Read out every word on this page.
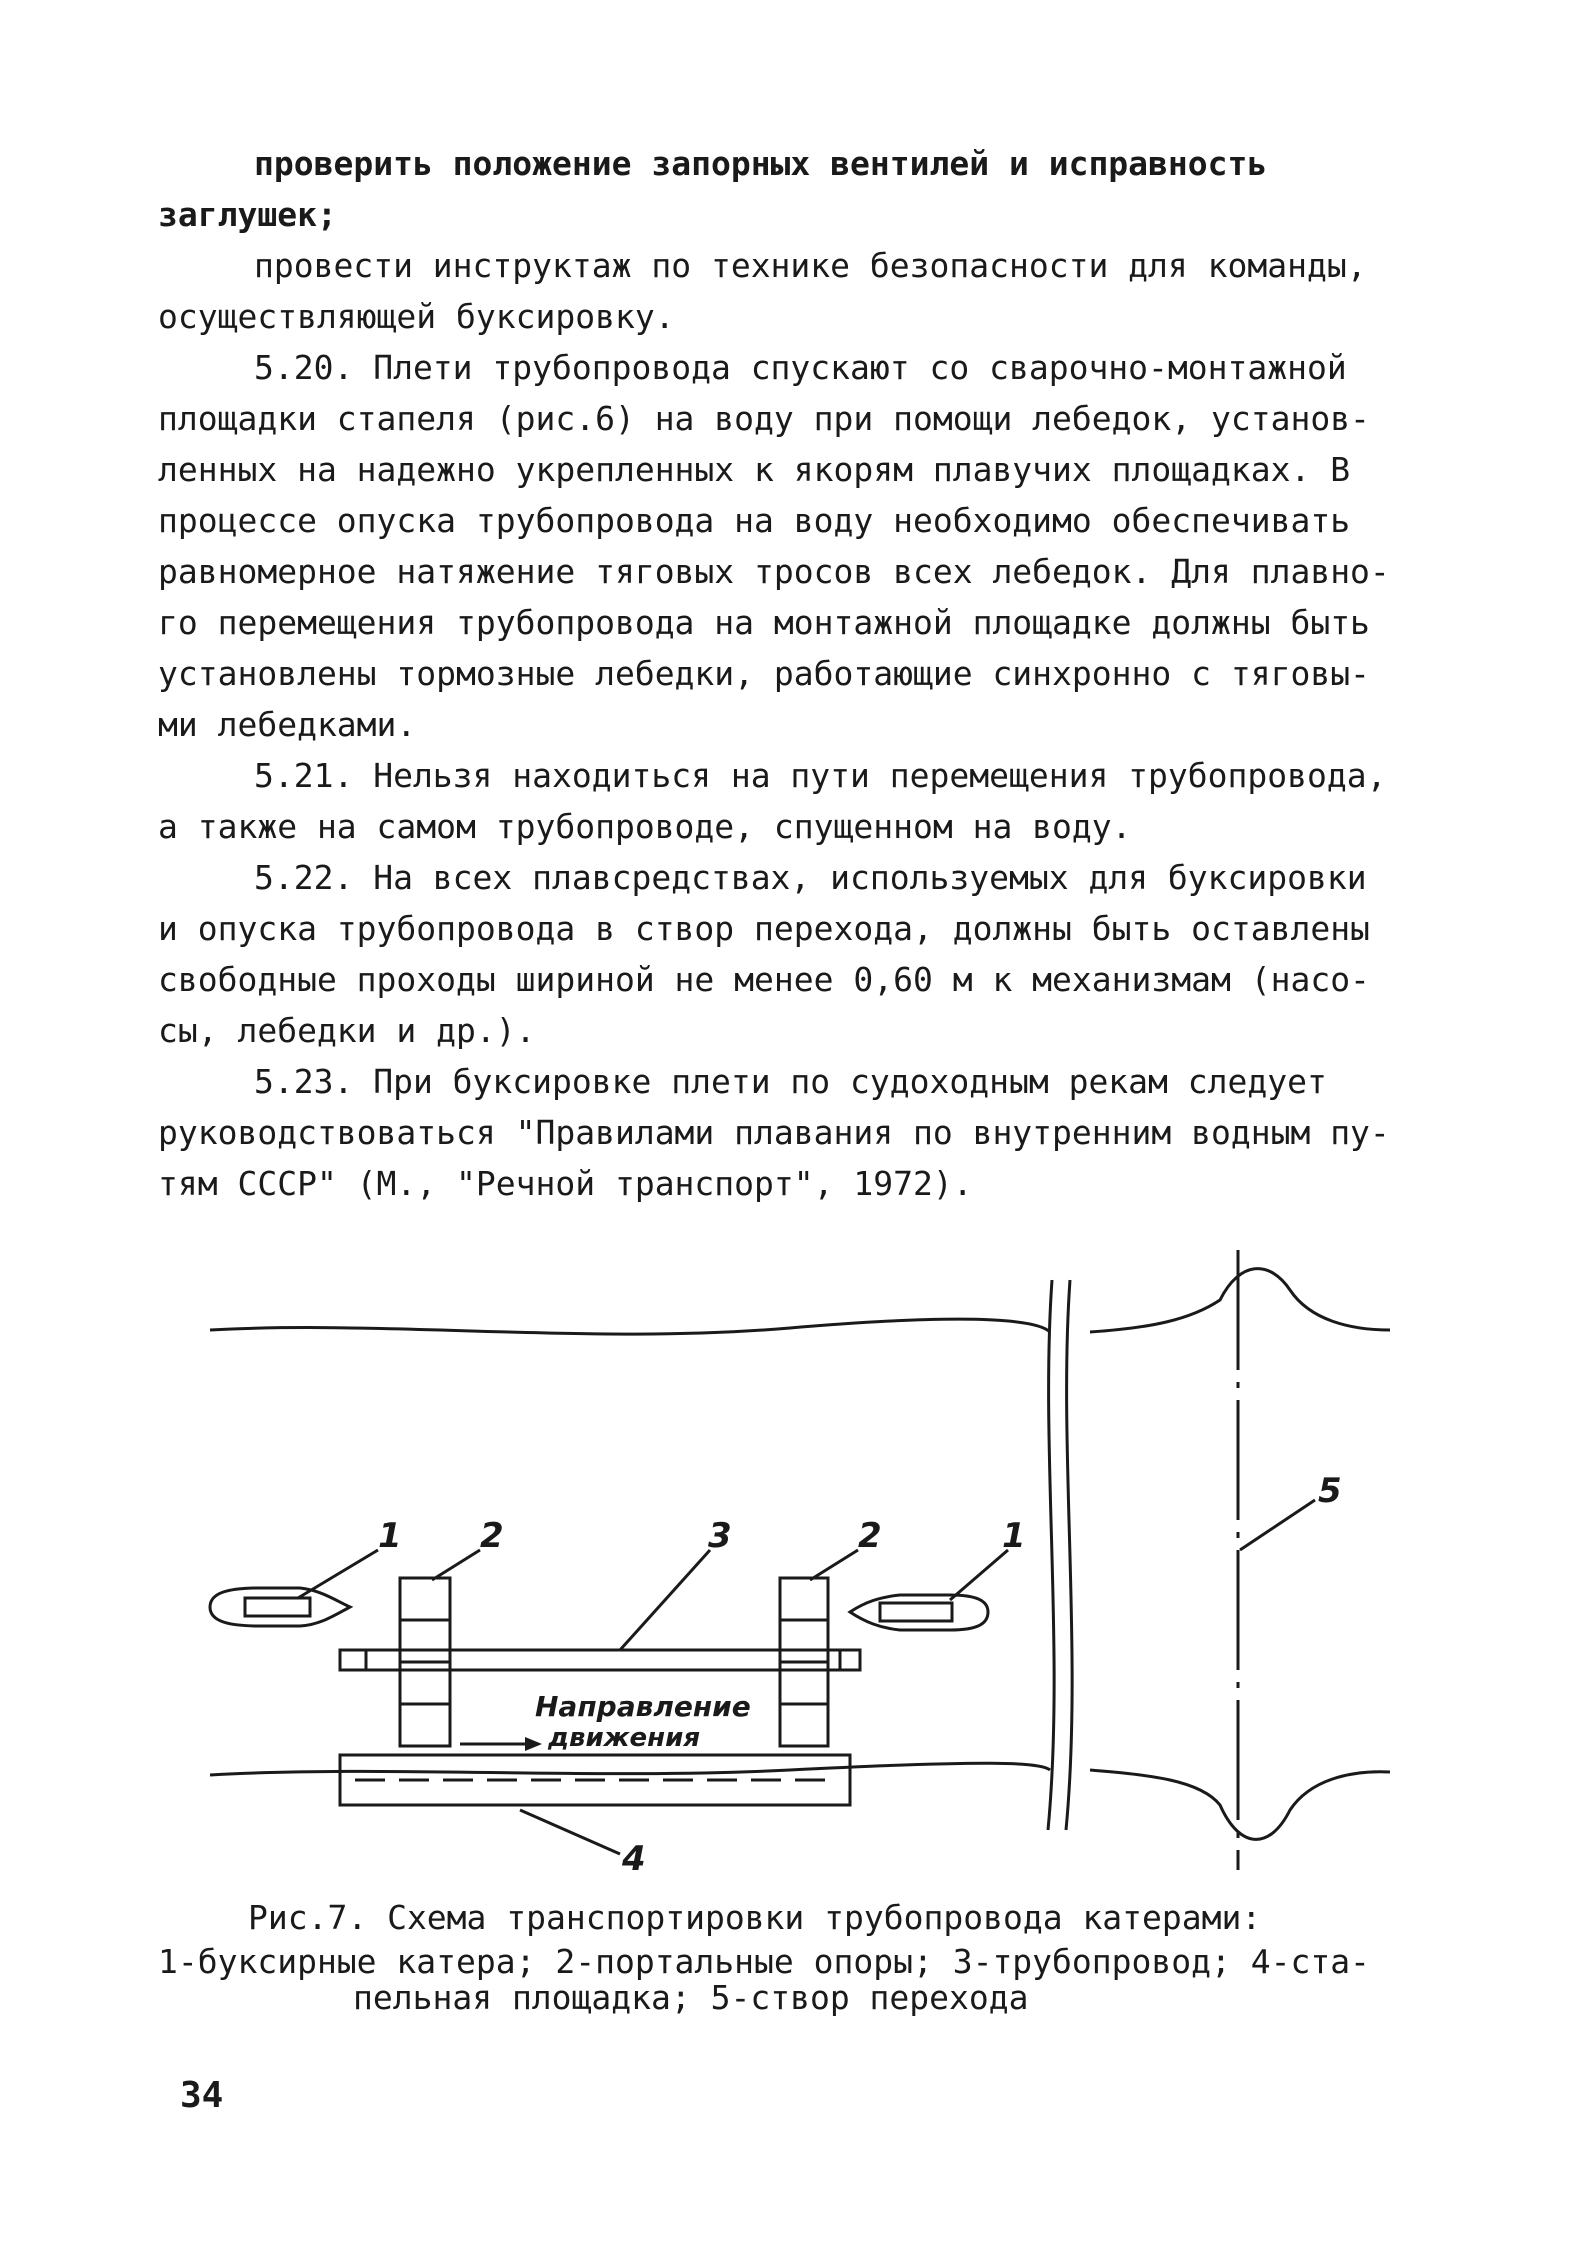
проверить положение запорных вентилей и исправность
заглушек;
провести инструктаж по технике безопасности для команды,
осуществляющей буксировку.
5.20. Плети трубопровода спускают со сварочно-монтажной
площадки стапеля (рис.6) на воду при помощи лебедок, установ-
ленных на надежно укрепленных к якорям плавучих площадках. В
процессе опуска трубопровода на воду необходимо обеспечивать
равномерное натяжение тяговых тросов всех лебедок. Для плавно-
го перемещения трубопровода на монтажной площадке должны быть
установлены тормозные лебедки, работающие синхронно с тяговы-
ми лебедками.
5.21. Нельзя находиться на пути перемещения трубопровода,
а также на самом трубопроводе, спущенном на воду.
5.22. На всех плавсредствах, используемых для буксировки
и опуска трубопровода в створ перехода, должны быть оставлены
свободные проходы шириной не менее 0,60 м к механизмам (насо-
сы, лебедки и др.).
5.23. При буксировке плети по судоходным рекам следует
руководствоваться "Правилами плавания по внутренним водным пу-
тям СССР" (М., "Речной транспорт", 1972).
1 2	3	2	1
5
4
Направление
движения
Рис.7. Схема транспортировки трубопровода катерами:
1-буксирные катера; 2-портальные опоры; 3-трубопровод; 4-ста-
пельная площадка; 5-створ перехода
34
